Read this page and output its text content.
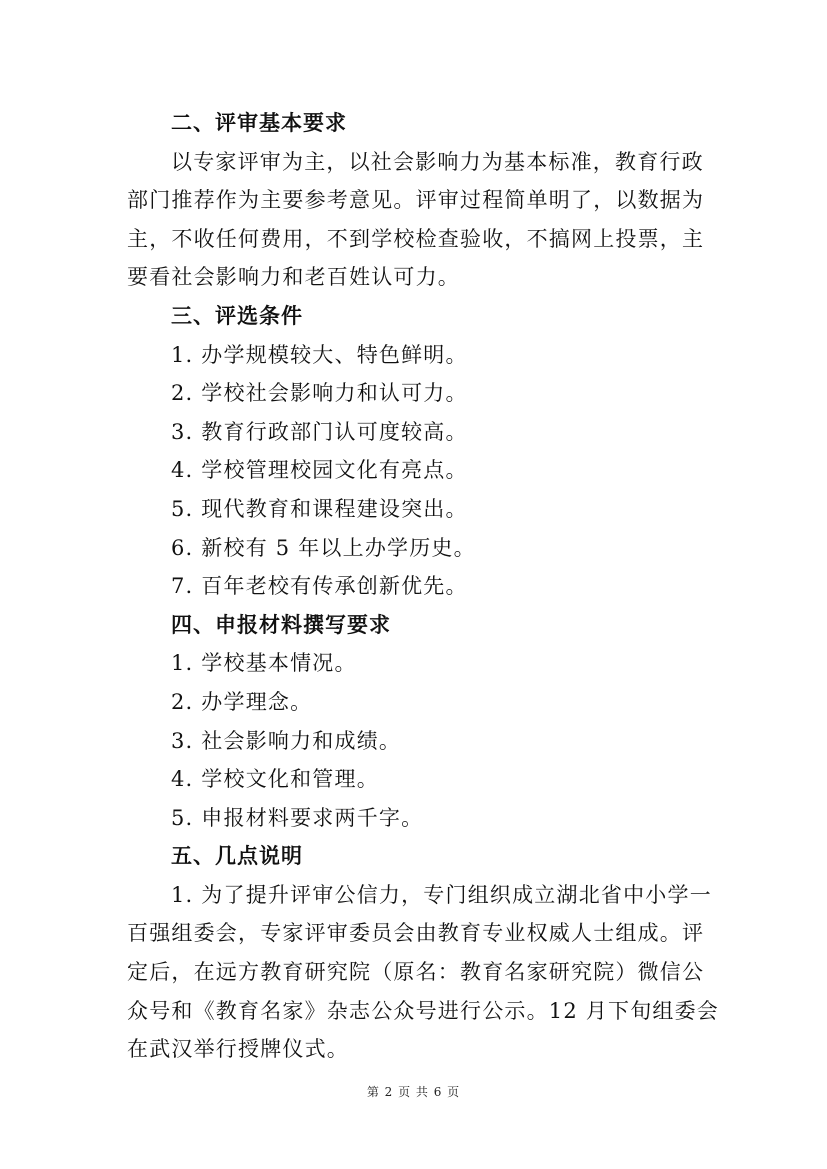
二、评审基本要求
以专家评审为主，以社会影响力为基本标准，教育行政
部门推荐作为主要参考意见。评审过程简单明了，以数据为
主，不收任何费用，不到学校检查验收，不搞网上投票，主
要看社会影响力和老百姓认可力。
三、评选条件
1. 办学规模较大、特色鲜明。
2. 学校社会影响力和认可力。
3. 教育行政部门认可度较高。
4. 学校管理校园文化有亮点。
5. 现代教育和课程建设突出。
6. 新校有 5 年以上办学历史。
7. 百年老校有传承创新优先。
四、申报材料撰写要求
1. 学校基本情况。
2. 办学理念。
3. 社会影响力和成绩。
4. 学校文化和管理。
5. 申报材料要求两千字。
五、几点说明
1. 为了提升评审公信力，专门组织成立湖北省中小学一
百强组委会，专家评审委员会由教育专业权威人士组成。评
定后，在远方教育研究院（原名：教育名家研究院）微信公
众号和《教育名家》杂志公众号进行公示。12 月下旬组委会
在武汉举行授牌仪式。
第 2 页 共 6 页
